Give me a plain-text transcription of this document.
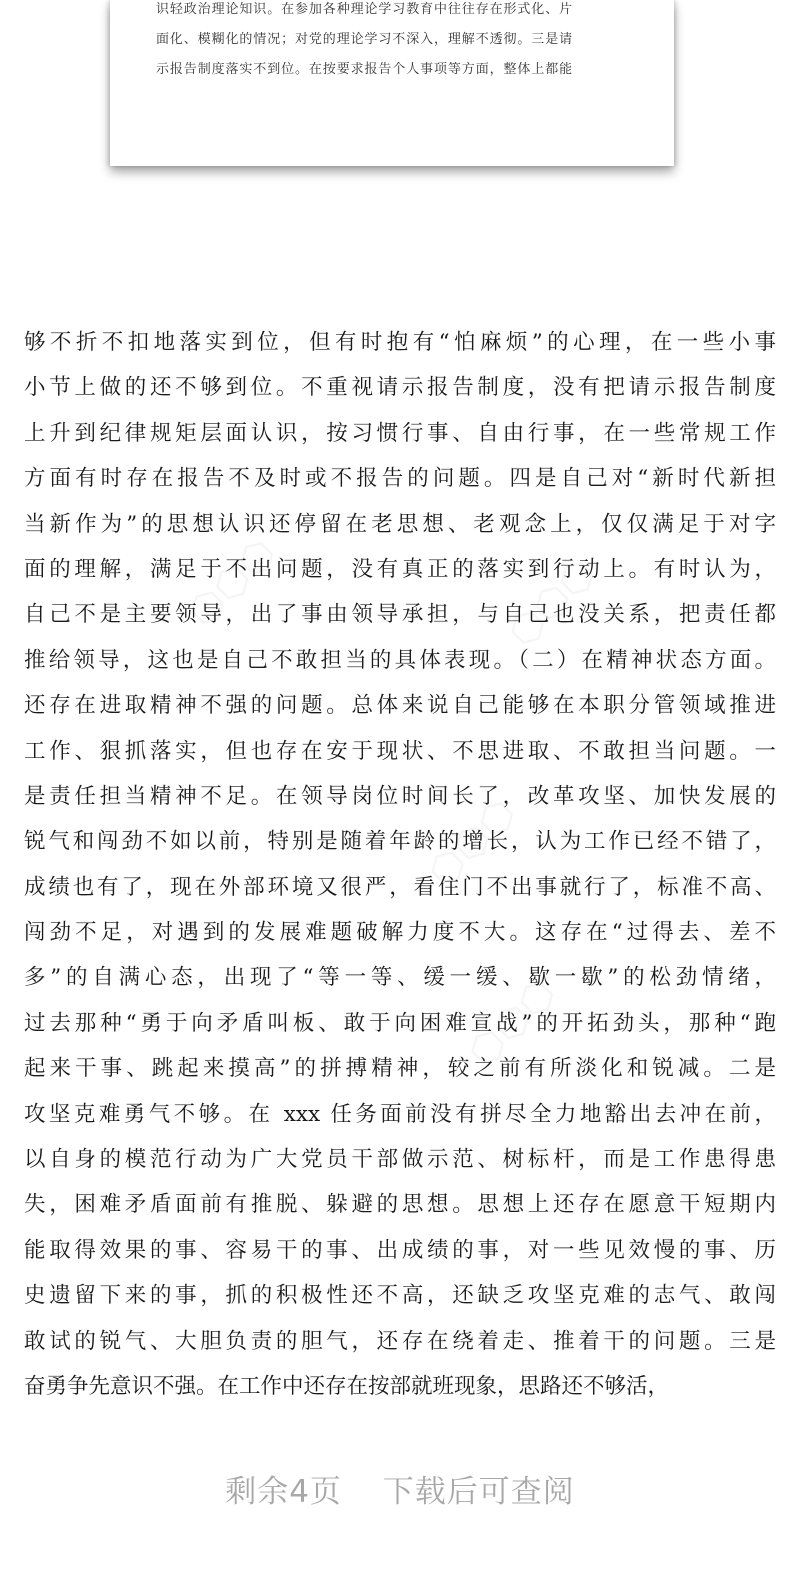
识轻政治理论知识。在参加各种理论学习教育中往往存在形式化、片
面化、模糊化的情况；对党的理论学习不深入，理解不透彻。三是请
示报告制度落实不到位。在按要求报告个人事项等方面，整体上都能
⬡⬡⬡	⬡⬡⬡
⬡⬡⬡
⬡⬡⬡
够不折不扣地落实到位，但有时抱有“怕麻烦”的心理，在一些小事
小节上做的还不够到位。不重视请示报告制度，没有把请示报告制度
上升到纪律规矩层面认识，按习惯行事、自由行事，在一些常规工作
方面有时存在报告不及时或不报告的问题。四是自己对“新时代新担
当新作为”的思想认识还停留在老思想、老观念上，仅仅满足于对字
面的理解，满足于不出问题，没有真正的落实到行动上。有时认为，
自己不是主要领导，出了事由领导承担，与自己也没关系，把责任都
推给领导，这也是自己不敢担当的具体表现。（二）在精神状态方面。
还存在进取精神不强的问题。总体来说自己能够在本职分管领域推进
工作、狠抓落实，但也存在安于现状、不思进取、不敢担当问题。一
是责任担当精神不足。在领导岗位时间长了，改革攻坚、加快发展的
锐气和闯劲不如以前，特别是随着年龄的增长，认为工作已经不错了，
成绩也有了，现在外部环境又很严，看住门不出事就行了，标准不高、
闯劲不足，对遇到的发展难题破解力度不大。这存在“过得去、差不
多”的自满心态，出现了“等一等、缓一缓、歇一歇”的松劲情绪，
过去那种“勇于向矛盾叫板、敢于向困难宣战”的开拓劲头，那种“跑
起来干事、跳起来摸高”的拼搏精神，较之前有所淡化和锐减。二是
攻坚克难勇气不够。在 xxx 任务面前没有拼尽全力地豁出去冲在前，
以自身的模范行动为广大党员干部做示范、树标杆，而是工作患得患
失，困难矛盾面前有推脱、躲避的思想。思想上还存在愿意干短期内
能取得效果的事、容易干的事、出成绩的事，对一些见效慢的事、历
史遗留下来的事，抓的积极性还不高，还缺乏攻坚克难的志气、敢闯
敢试的锐气、大胆负责的胆气，还存在绕着走、推着干的问题。三是
奋勇争先意识不强。在工作中还存在按部就班现象，思路还不够活，
剩余4页 下载后可查阅
